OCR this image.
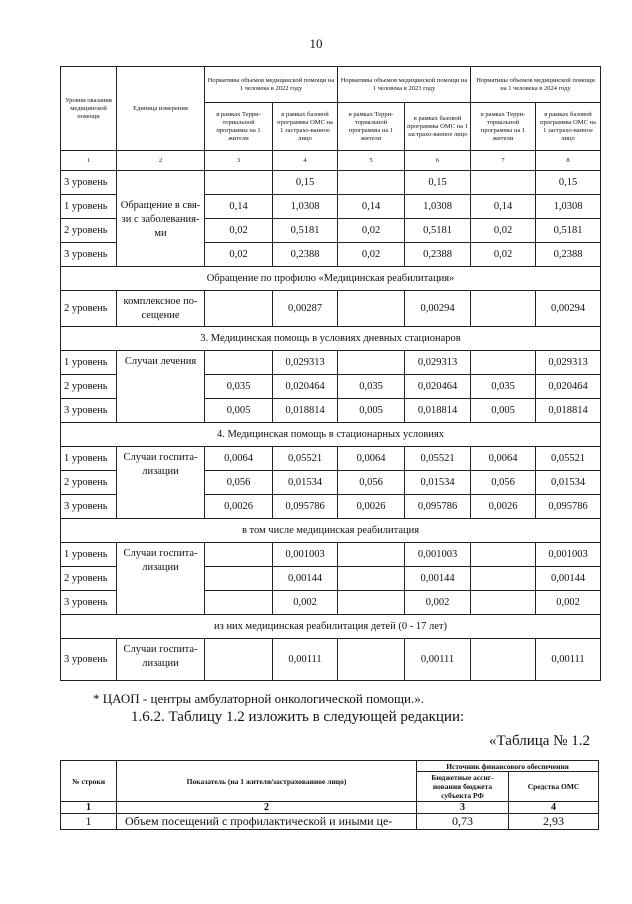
10
Уровни оказания медицинской помощи	Единица измерения	Нормативы объемов медицинской помощи на 1 человека в 2022 году		Нормативы объемов медицинской помощи на 1 человека в 2023 году		Нормативы объемов медицинской помощи на 1 человека в 2024 году	
		в рамках Терри-ториальной программы на 1 жители	в рамках базовой программы ОМС на 1 застрахо-ванное лицо	в рамках Терри-ториальной программы на 1 жители	в рамках базовой программы ОМС на 1 застрахо-ванное лицо	в рамках Терри-ториальной программы на 1 жители	в рамках базовой программы ОМС на 1 застрахо-ванное лицо
1	2	3	4	5	6	7	8
3 уровень			0,15		0,15		0,15
1 уровень	Обращение в свя-зи с заболевания-ми	0,14	1,0308	0,14	1,0308	0,14	1,0308
2 уровень		0,02	0,5181	0,02	0,5181	0,02	0,5181
3 уровень		0,02	0,2388	0,02	0,2388	0,02	0,2388
Обращение по профилю «Медицинская реабилитация»							
2 уровень	комплексное по-сещение		0,00287		0,00294		0,00294
3. Медицинская помощь в условиях дневных стационаров							
1 уровень	Случаи лечения		0,029313		0,029313		0,029313
2 уровень		0,035	0,020464	0,035	0,020464	0,035	0,020464
3 уровень		0,005	0,018814	0,005	0,018814	0,005	0,018814
4. Медицинская помощь в стационарных условиях							
1 уровень	Случаи госпита-лизации	0,0064	0,05521	0,0064	0,05521	0,0064	0,05521
2 уровень		0,056	0,01534	0,056	0,01534	0,056	0,01534
3 уровень		0,0026	0,095786	0,0026	0,095786	0,0026	0,095786
в том числе медицинская реабилитация							
1 уровень	Случаи госпита-лизации		0,001003		0,001003		0,001003
2 уровень			0,00144		0,00144		0,00144
3 уровень			0,002		0,002		0,002
из них медицинская реабилитация детей (0 - 17 лет)							
3 уровень	Случаи госпита-лизации		0,00111		0,00111		0,00111
* ЦАОП - центры амбулаторной онкологической помощи.».
1.6.2. Таблицу 1.2 изложить в следующей редакции:
«Таблица № 1.2
№ строки	Показатель (на 1 жителя/застрахованное лицо)	Источник финансового обеспечения	
		Бюджетные ассиг-нования бюджета субъекта РФ	Средства ОМС
1	2	3	4
1	Объем посещений с профилактической и иными це-	0,73	2,93
